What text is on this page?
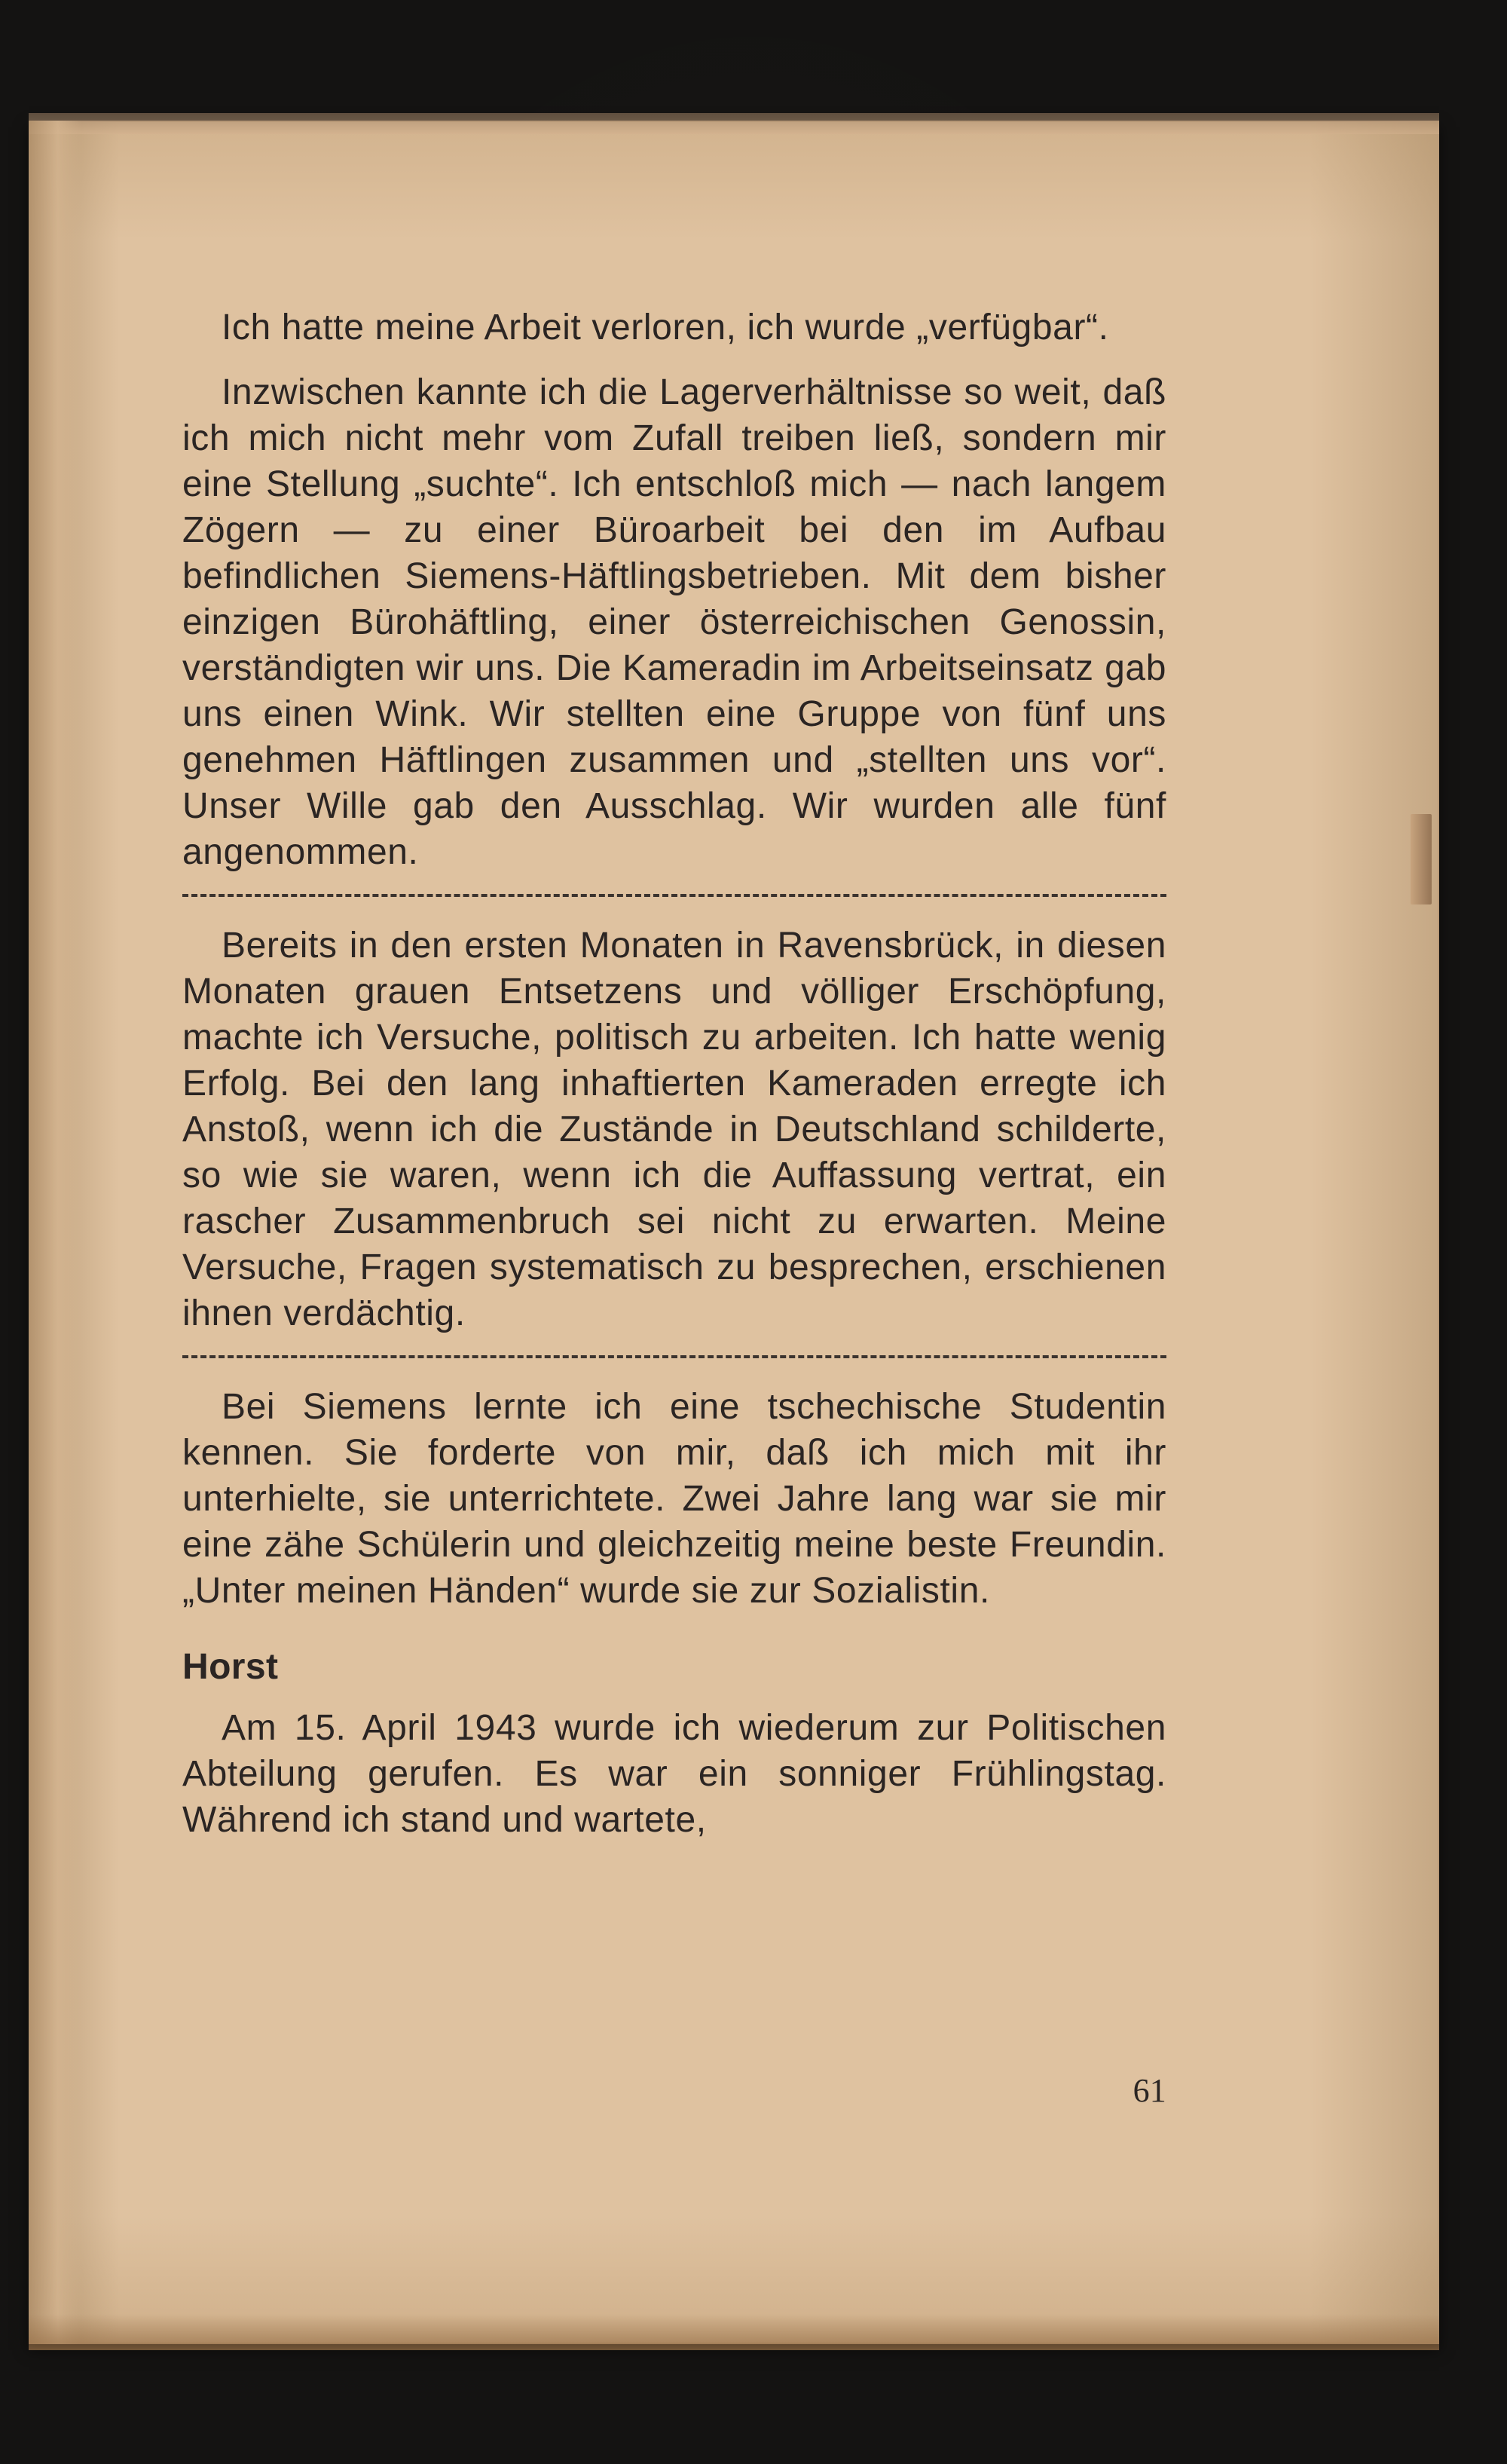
Ich hatte meine Arbeit verloren, ich wurde „verfügbar“.

Inzwischen kannte ich die Lagerverhältnisse so weit, daß ich mich nicht mehr vom Zufall treiben ließ, sondern mir eine Stellung „suchte“. Ich entschloß mich — nach langem Zögern — zu einer Büroarbeit bei den im Aufbau befindlichen Siemens-Häftlingsbetrieben. Mit dem bisher einzigen Bürohäftling, einer österreichischen Genossin, verständigten wir uns. Die Kameradin im Arbeitseinsatz gab uns einen Wink. Wir stellten eine Gruppe von fünf uns genehmen Häftlingen zusammen und „stellten uns vor“. Unser Wille gab den Ausschlag. Wir wurden alle fünf angenommen.

Bereits in den ersten Monaten in Ravensbrück, in diesen Monaten grauen Entsetzens und völliger Erschöpfung, machte ich Versuche, politisch zu arbeiten. Ich hatte wenig Erfolg. Bei den lang inhaftierten Kameraden erregte ich Anstoß, wenn ich die Zustände in Deutschland schilderte, so wie sie waren, wenn ich die Auffassung vertrat, ein rascher Zusammenbruch sei nicht zu erwarten. Meine Versuche, Fragen systematisch zu besprechen, erschienen ihnen verdächtig.

Bei Siemens lernte ich eine tschechische Studentin kennen. Sie forderte von mir, daß ich mich mit ihr unterhielte, sie unterrichtete. Zwei Jahre lang war sie mir eine zähe Schülerin und gleichzeitig meine beste Freundin. „Unter meinen Händen“ wurde sie zur Sozialistin.

Horst

Am 15. April 1943 wurde ich wiederum zur Politischen Abteilung gerufen. Es war ein sonniger Frühlingstag. Während ich stand und wartete,

61
